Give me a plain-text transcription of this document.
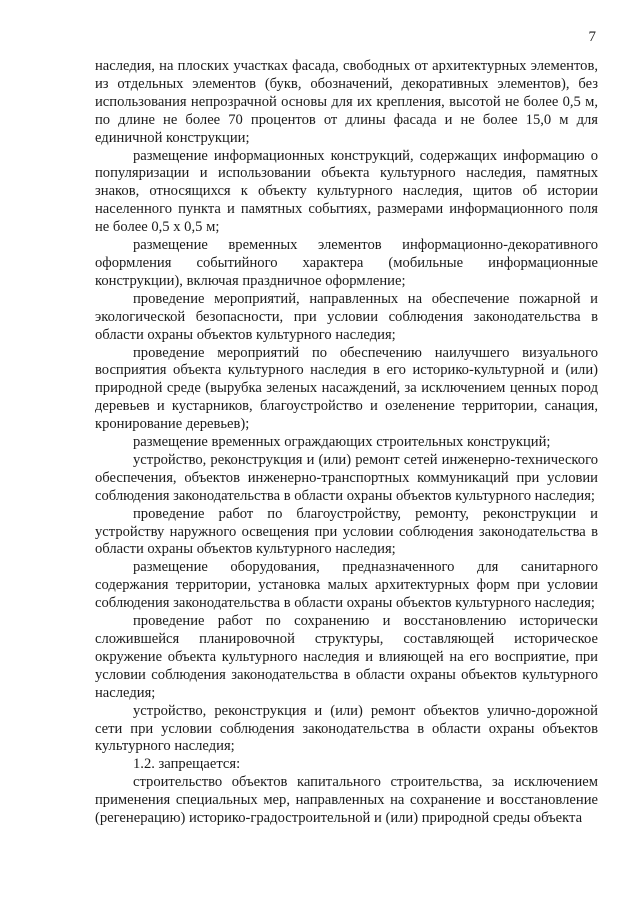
7

наследия, на плоских участках фасада, свободных от архитектурных элементов, из отдельных элементов (букв, обозначений, декоративных элементов), без использования непрозрачной основы для их крепления, высотой не более 0,5 м, по длине не более 70 процентов от длины фасада и не более 15,0 м для единичной конструкции;

размещение информационных конструкций, содержащих информацию о популяризации и использовании объекта культурного наследия, памятных знаков, относящихся к объекту культурного наследия, щитов об истории населенного пункта и памятных событиях, размерами информационного поля не более 0,5 х 0,5 м;

размещение временных элементов информационно-декоративного оформления событийного характера (мобильные информационные конструкции), включая праздничное оформление;

проведение мероприятий, направленных на обеспечение пожарной и экологической безопасности, при условии соблюдения законодательства в области охраны объектов культурного наследия;

проведение мероприятий по обеспечению наилучшего визуального восприятия объекта культурного наследия в его историко-культурной и (или) природной среде (вырубка зеленых насаждений, за исключением ценных пород деревьев и кустарников, благоустройство и озеленение территории, санация, кронирование деревьев);

размещение временных ограждающих строительных конструкций;

устройство, реконструкция и (или) ремонт сетей инженерно-технического обеспечения, объектов инженерно-транспортных коммуникаций при условии соблюдения законодательства в области охраны объектов культурного наследия;

проведение работ по благоустройству, ремонту, реконструкции и устройству наружного освещения при условии соблюдения законодательства в области охраны объектов культурного наследия;

размещение оборудования, предназначенного для санитарного содержания территории, установка малых архитектурных форм при условии соблюдения законодательства в области охраны объектов культурного наследия;

проведение работ по сохранению и восстановлению исторически сложившейся планировочной структуры, составляющей историческое окружение объекта культурного наследия и влияющей на его восприятие, при условии соблюдения законодательства в области охраны объектов культурного наследия;

устройство, реконструкция и (или) ремонт объектов улично-дорожной сети при условии соблюдения законодательства в области охраны объектов культурного наследия;

1.2. запрещается:

строительство объектов капитального строительства, за исключением применения специальных мер, направленных на сохранение и восстановление (регенерацию) историко-градостроительной и (или) природной среды объекта
